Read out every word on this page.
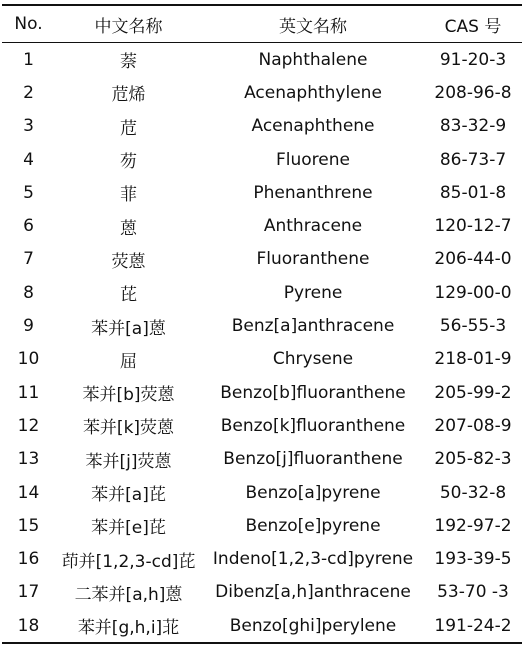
No.	中文名称	英文名称	CAS 号
1	萘	Naphthalene	91-20-3
2	苊烯	Acenaphthylene	208-96-8
3	苊	Acenaphthene	83-32-9
4	芴	Fluorene	86-73-7
5	菲	Phenanthrene	85-01-8
6	蒽	Anthracene	120-12-7
7	荧蒽	Fluoranthene	206-44-0
8	芘	Pyrene	129-00-0
9	苯并[a]蒽	Benz[a]anthracene	56-55-3
10	屈	Chrysene	218-01-9
11	苯并[b]荧蒽	Benzo[b]fluoranthene	205-99-2
12	苯并[k]荧蒽	Benzo[k]fluoranthene	207-08-9
13	苯并[j]荧蒽	Benzo[j]fluoranthene	205-82-3
14	苯并[a]芘	Benzo[a]pyrene	50-32-8
15	苯并[e]芘	Benzo[e]pyrene	192-97-2
16	茚并[1,2,3-cd]芘	Indeno[1,2,3-cd]pyrene	193-39-5
17	二苯并[a,h]蒽	Dibenz[a,h]anthracene	53-70 -3
18	苯并[g,h,i]苝	Benzo[ghi]perylene	191-24-2
